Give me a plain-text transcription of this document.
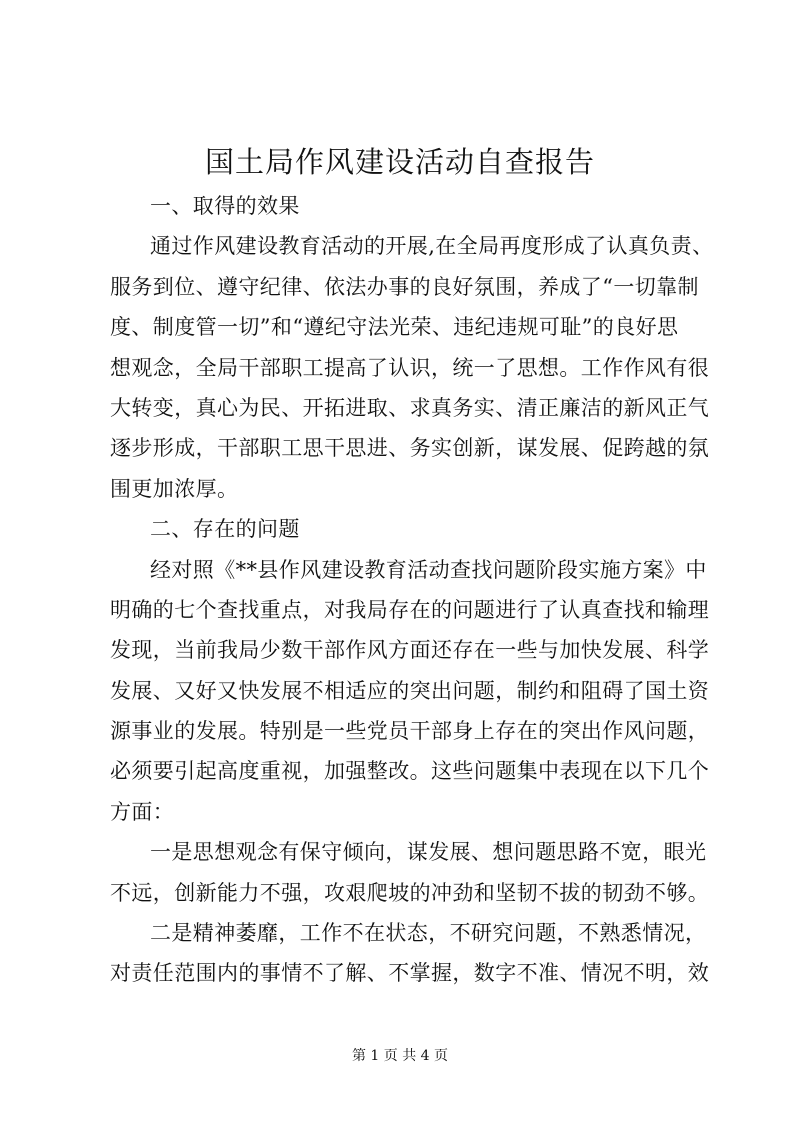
国土局作风建设活动自查报告
一、取得的效果
通过作风建设教育活动的开展,在全局再度形成了认真负责、
服务到位、遵守纪律、依法办事的良好氛围，养成了“一切靠制
度、制度管一切”和“遵纪守法光荣、违纪违规可耻”的良好思
想观念，全局干部职工提高了认识，统一了思想。工作作风有很
大转变，真心为民、开拓进取、求真务实、清正廉洁的新风正气
逐步形成，干部职工思干思进、务实创新，谋发展、促跨越的氛
围更加浓厚。
二、存在的问题
经对照《**县作风建设教育活动查找问题阶段实施方案》中
明确的七个查找重点，对我局存在的问题进行了认真查找和输理
发现，当前我局少数干部作风方面还存在一些与加快发展、科学
发展、又好又快发展不相适应的突出问题，制约和阻碍了国土资
源事业的发展。特别是一些党员干部身上存在的突出作风问题，
必须要引起高度重视，加强整改。这些问题集中表现在以下几个
方面：
一是思想观念有保守倾向，谋发展、想问题思路不宽，眼光
不远，创新能力不强，攻艰爬坡的冲劲和坚韧不拔的韧劲不够。
二是精神萎靡，工作不在状态，不研究问题，不熟悉情况，
对责任范围内的事情不了解、不掌握，数字不准、情况不明，效
第 1 页 共 4 页
